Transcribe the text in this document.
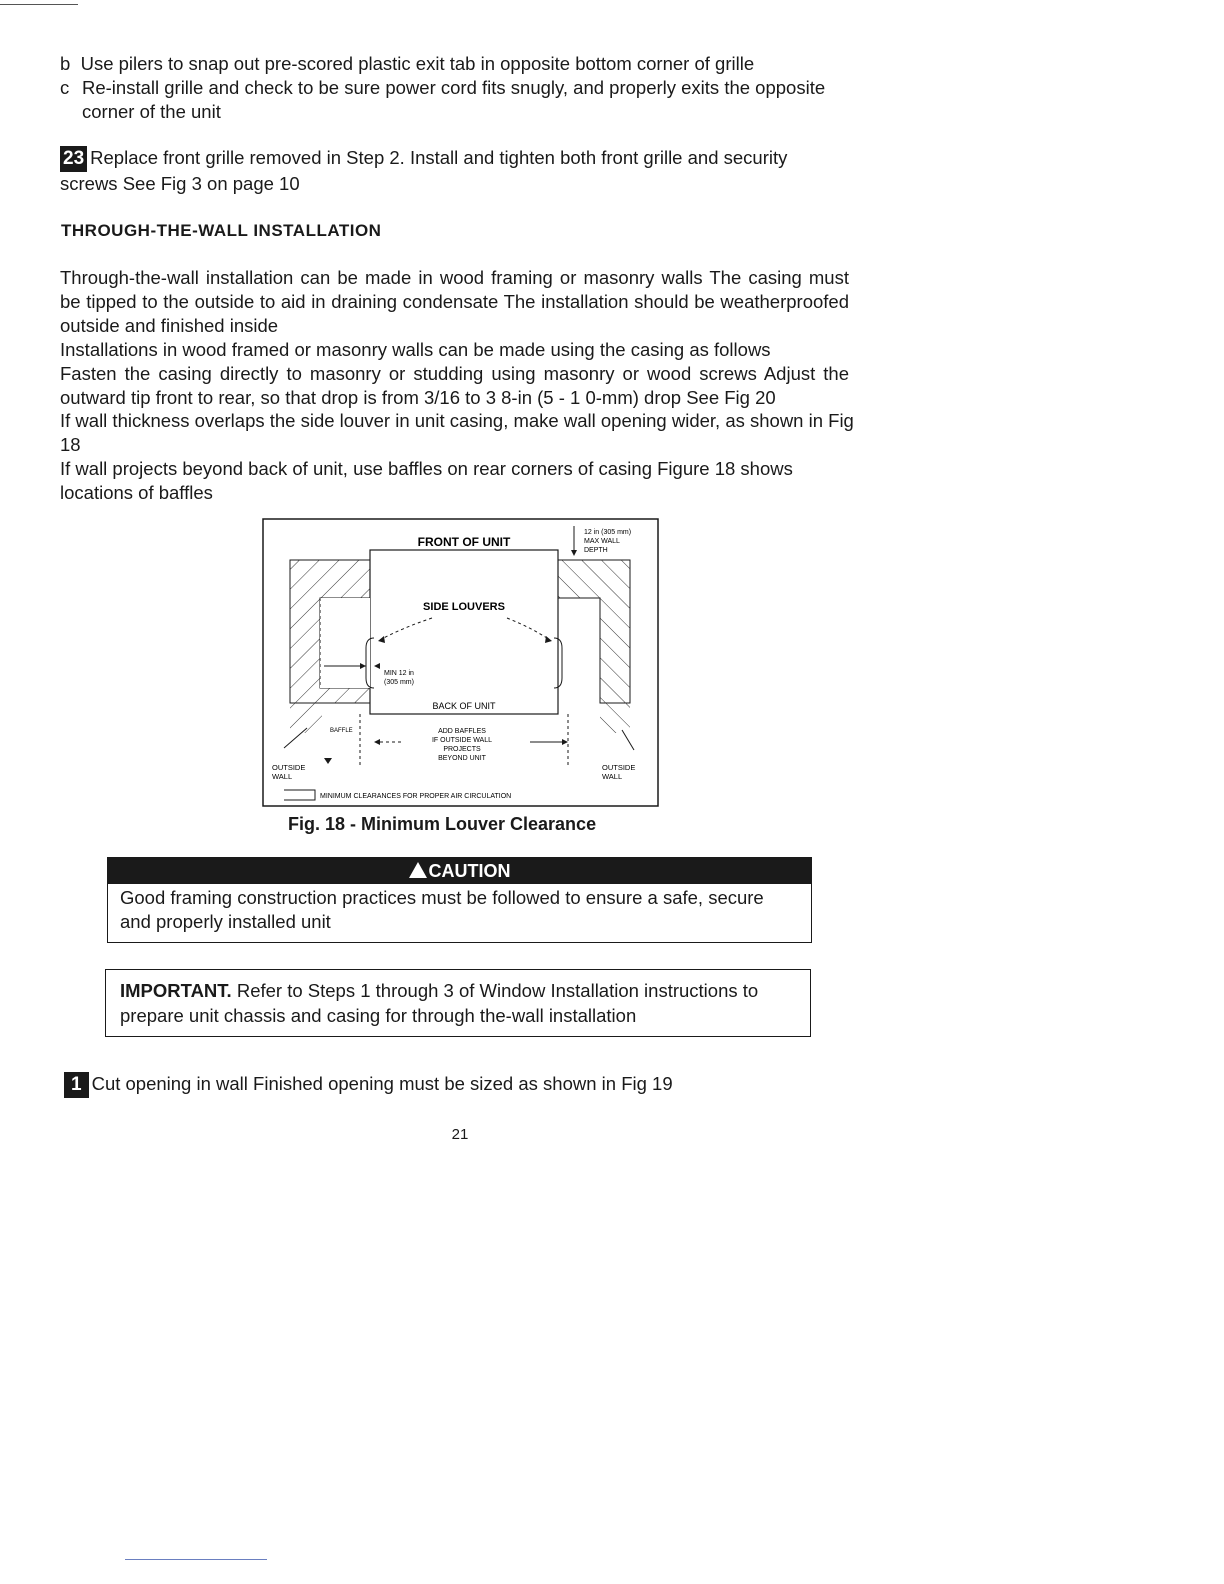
b Use pilers to snap out pre-scored plastic exit tab in opposite bottom corner of grille
c Re-install grille and check to be sure power cord fits snugly, and properly exits the opposite corner of the unit
23 Replace front grille removed in Step 2. Install and tighten both front grille and security screws See Fig 3 on page 10
THROUGH-THE-WALL INSTALLATION
Through-the-wall installation can be made in wood framing or masonry walls The casing must be tipped to the outside to aid in draining condensate The installation should be weatherproofed outside and finished inside
Installations in wood framed or masonry walls can be made using the casing as follows
Fasten the casing directly to masonry or studding using masonry or wood screws Adjust the outward tip front to rear, so that drop is from 3/16 to 3 8-in (5 - 1 0-mm) drop See Fig 20
If wall thickness overlaps the side louver in unit casing, make wall opening wider, as shown in Fig 18
If wall projects beyond back of unit, use baffles on rear corners of casing Figure 18 shows locations of baffles
FRONT OF UNIT
12 in (305 mm)
MAX WALL
DEPTH
SIDE LOUVERS
MIN 12 in
(305 mm)
BACK OF UNIT
BAFFLE	ADD BAFFLES
IF OUTSIDE WALL
PROJECTS
BEYOND UNIT
OUTSIDE
WALL
OUTSIDE
WALL
MINIMUM CLEARANCES FOR PROPER AIR CIRCULATION
Fig. 18 - Minimum Louver Clearance
CAUTION
Good framing construction practices must be followed to ensure a safe, secure and properly installed unit
IMPORTANT. Refer to Steps 1 through 3 of Window Installation instructions to prepare unit chassis and casing for through the-wall installation
1 Cut opening in wall Finished opening must be sized as shown in Fig 19
21
